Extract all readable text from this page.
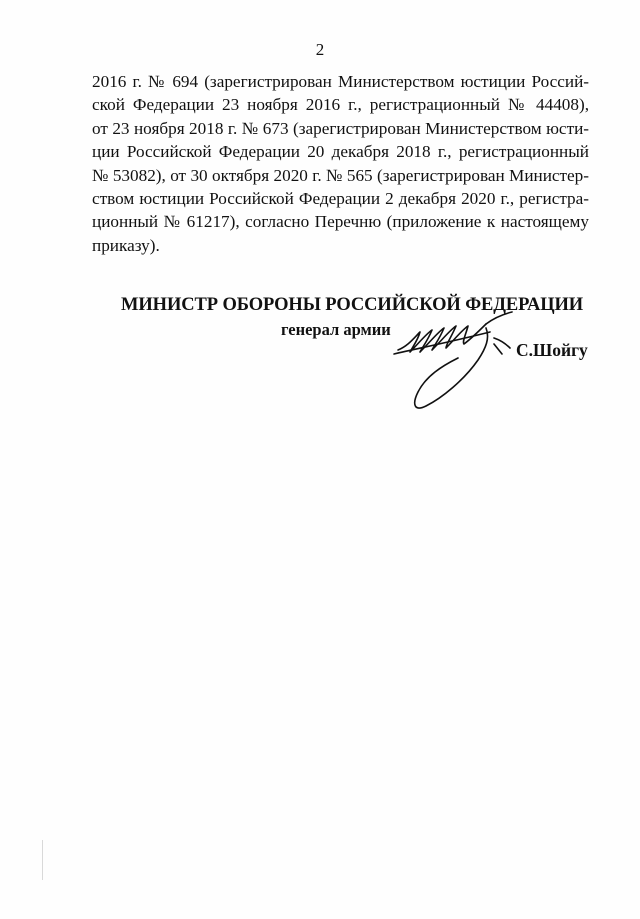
2
2016 г. № 694 (зарегистрирован Министерством юстиции Россий-
ской Федерации 23 ноября 2016 г., регистрационный № 44408),
от 23 ноября 2018 г. № 673 (зарегистрирован Министерством юсти-
ции Российской Федерации 20 декабря 2018 г., регистрационный
№ 53082), от 30 октября 2020 г. № 565 (зарегистрирован Министер-
ством юстиции Российской Федерации 2 декабря 2020 г., регистра-
ционный № 61217), согласно Перечню (приложение к настоящему
приказу).
МИНИСТР ОБОРОНЫ РОССИЙСКОЙ ФЕДЕРАЦИИ
генерал армии
С.Шойгу
